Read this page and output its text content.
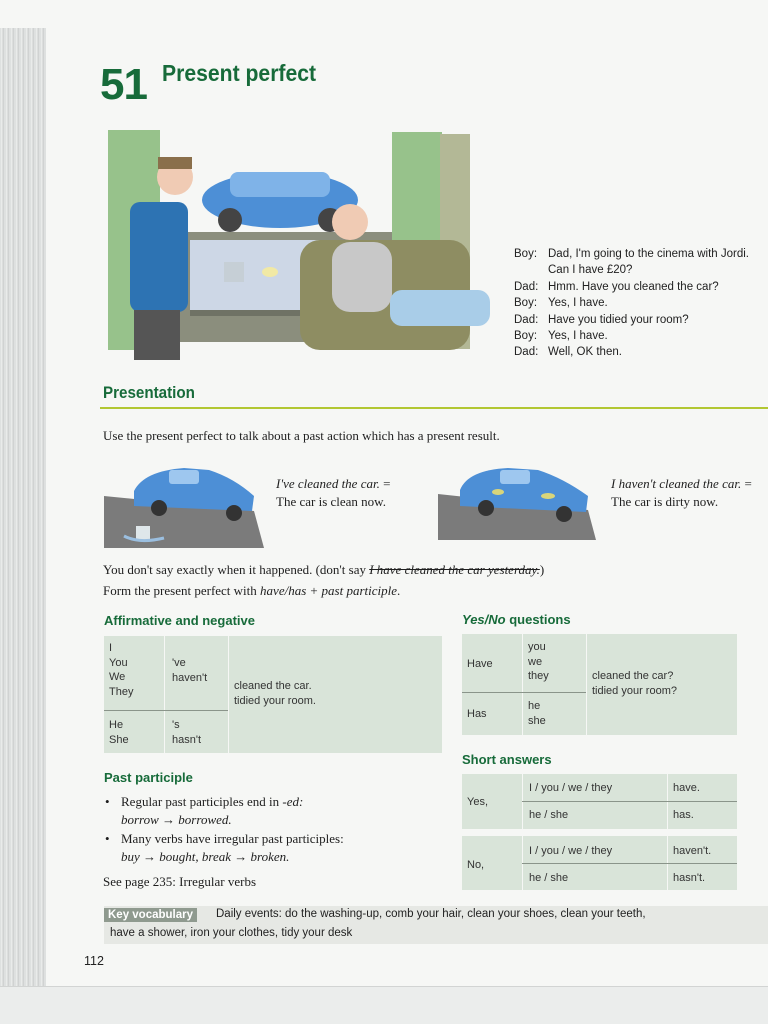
51 Present perfect
Boy: Dad, I'm going to the cinema with Jordi.
Can I have £20?
Dad: Hmm. Have you cleaned the car?
Boy: Yes, I have.
Dad: Have you tidied your room?
Boy: Yes, I have.
Dad: Well, OK then.
Presentation
Use the present perfect to talk about a past action which has a present result.
I've cleaned the car. =
The car is clean now.
I haven't cleaned the car. =
The car is dirty now.
You don't say exactly when it happened. (don't say I have cleaned the car yesterday.)
Form the present perfect with have/has + past participle.
Affirmative and negative
I
You
We
They
've
haven't
He
She
's
hasn't
cleaned the car.
tidied your room.
Yes/No questions
Have
you
we
they
Has
he
she
cleaned the car?
tidied your room?
Short answers
Yes,
I / you / we / they
he / she
have.
has.
No,
I / you / we / they
he / she
haven't.
hasn't.
Past participle
• Regular past participles end in -ed:
borrow → borrowed.
• Many verbs have irregular past participles:
buy → bought, break → broken.
See page 235: Irregular verbs
Key vocabulary	Daily events: do the washing-up, comb your hair, clean your shoes, clean your teeth,
have a shower, iron your clothes, tidy your desk
112
